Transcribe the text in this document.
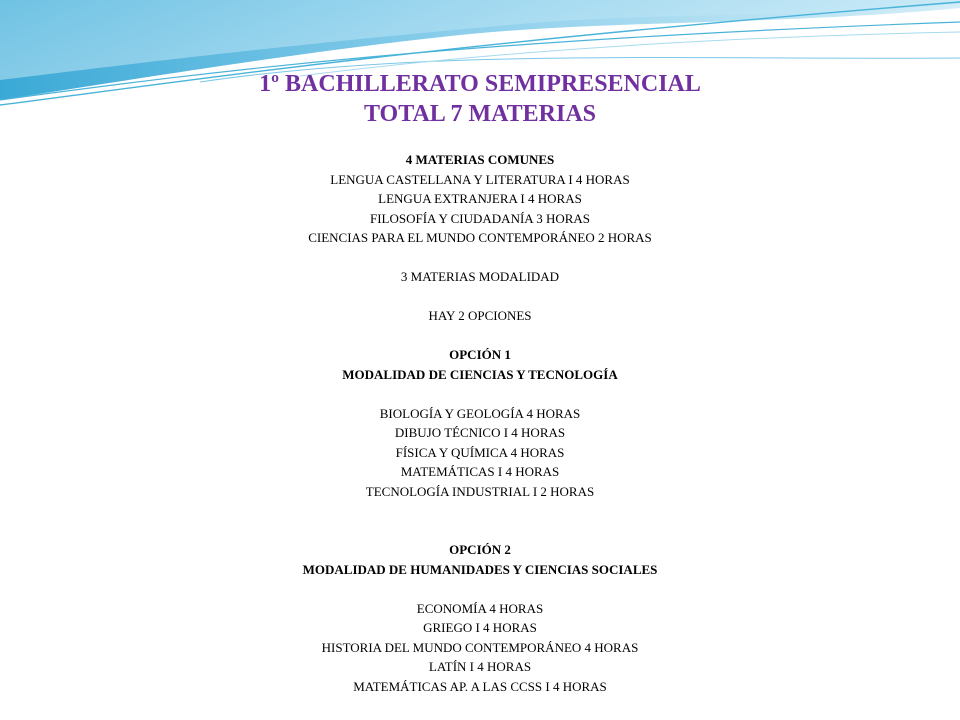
1º BACHILLERATO SEMIPRESENCIAL
TOTAL 7 MATERIAS
4 MATERIAS COMUNES
LENGUA CASTELLANA Y LITERATURA I 4 HORAS
LENGUA EXTRANJERA I 4 HORAS
FILOSOFÍA Y CIUDADANÍA 3 HORAS
CIENCIAS PARA EL MUNDO CONTEMPORÁNEO 2 HORAS
3 MATERIAS MODALIDAD
HAY 2 OPCIONES
OPCIÓN 1
MODALIDAD DE CIENCIAS Y TECNOLOGÍA
BIOLOGÍA Y GEOLOGÍA 4 HORAS
DIBUJO TÉCNICO I 4 HORAS
FÍSICA Y QUÍMICA 4 HORAS
MATEMÁTICAS I 4 HORAS
TECNOLOGÍA INDUSTRIAL I 2 HORAS
OPCIÓN 2
MODALIDAD DE HUMANIDADES Y CIENCIAS SOCIALES
ECONOMÍA 4 HORAS
GRIEGO I 4 HORAS
HISTORIA DEL MUNDO CONTEMPORÁNEO 4 HORAS
LATÍN I 4 HORAS
MATEMÁTICAS AP. A LAS CCSS I 4 HORAS
